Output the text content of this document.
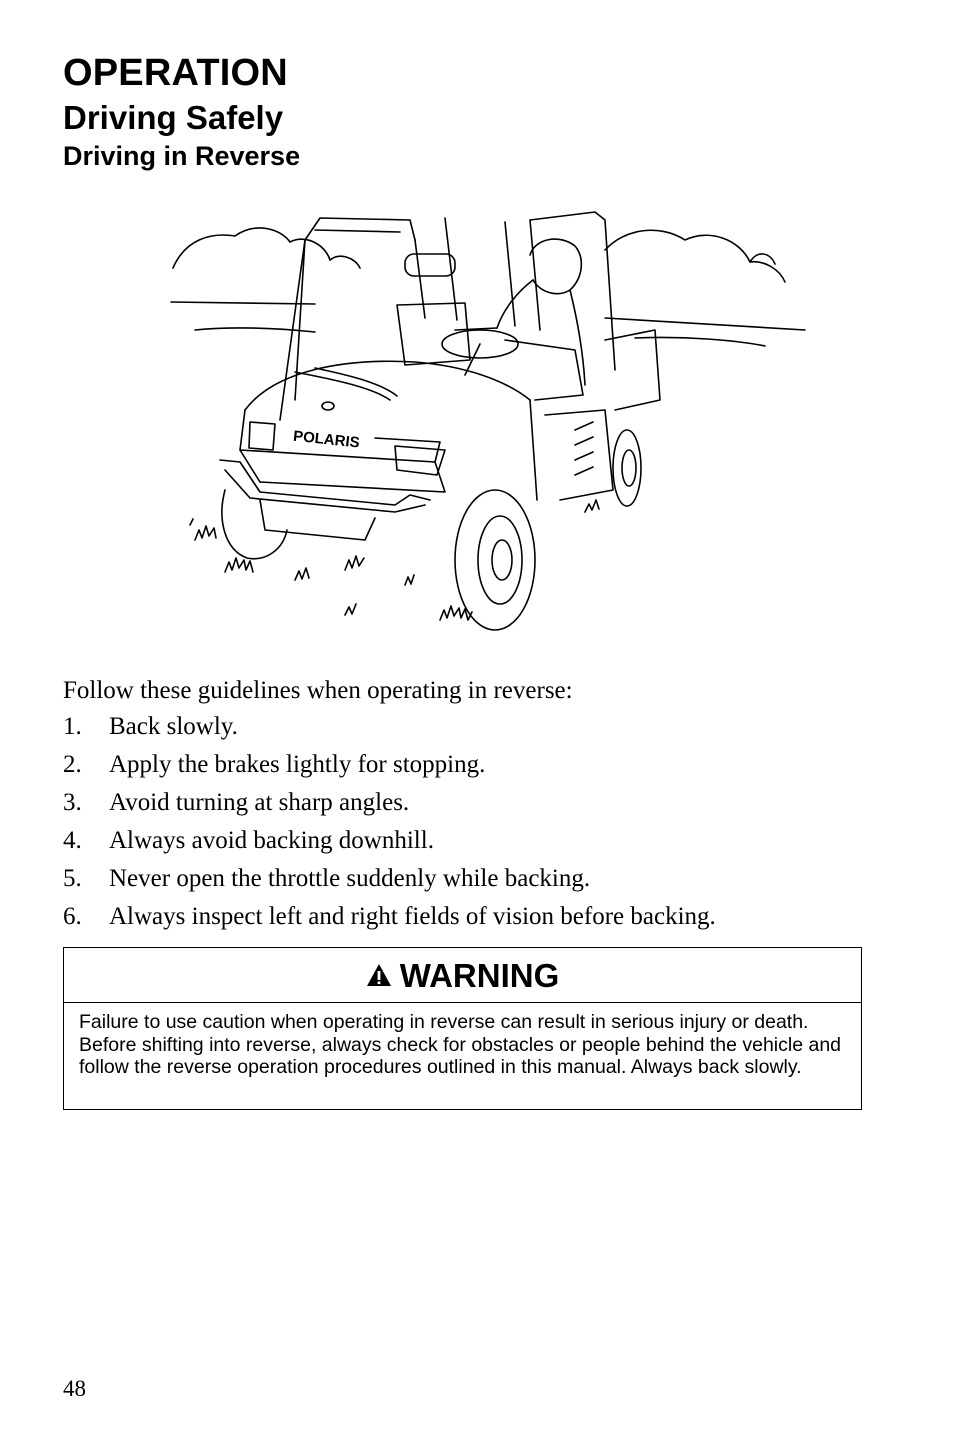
OPERATION
Driving Safely
Driving in Reverse
POLARIS

Follow these guidelines when operating in reverse:

1.	Back slowly.
2.	Apply the brakes lightly for stopping.
3.	Avoid turning at sharp angles.
4.	Always avoid backing downhill.
5.	Never open the throttle suddenly while backing.
6.	Always inspect left and right fields of vision before backing.
WARNING

Failure to use caution when operating in reverse can result in serious injury or death. Before shifting into reverse, always check for obstacles or people behind the vehicle and follow the reverse operation procedures outlined in this manual. Always back slowly.

48
